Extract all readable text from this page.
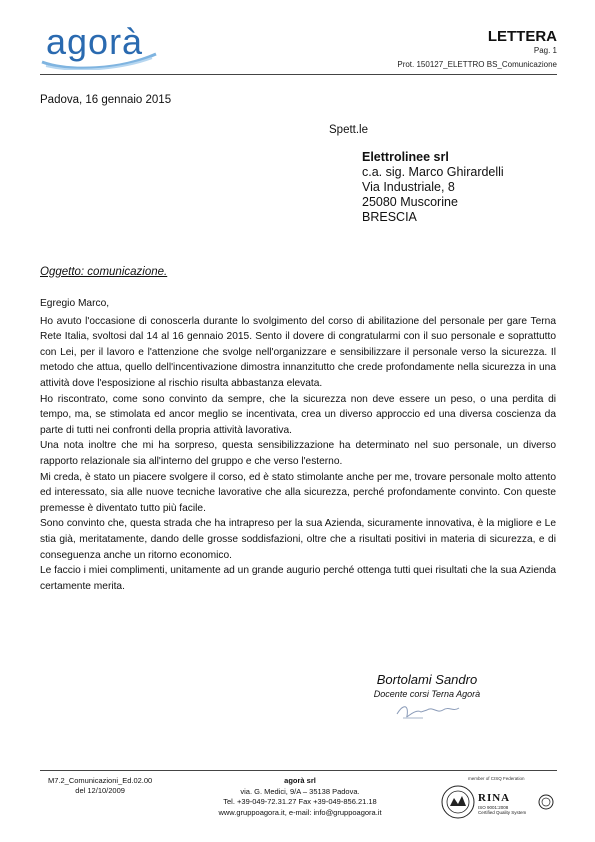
agorà	LETTERA
Pag. 1
Prot. 150127_ELETTRO BS_Comunicazione
Padova, 16 gennaio 2015
Spett.le
Elettrolinee srl
c.a. sig. Marco Ghirardelli
Via Industriale, 8
25080 Muscorine
BRESCIA
Oggetto: comunicazione.

Egregio Marco,

Ho avuto l'occasione di conoscerla durante lo svolgimento del corso di abilitazione del personale per gare Terna Rete Italia, svoltosi dal 14 al 16 gennaio 2015. Sento il dovere di congratularmi con il suo personale e soprattutto con Lei, per il lavoro e l'attenzione che svolge nell'organizzare e sensibilizzare il personale verso la sicurezza. Il metodo che attua, quello dell'incentivazione dimostra innanzitutto che crede profondamente nella sicurezza in una attività dove l'esposizione al rischio risulta abbastanza elevata.

Ho riscontrato, come sono convinto da sempre, che la sicurezza non deve essere un peso, o una perdita di tempo, ma, se stimolata ed ancor meglio se incentivata, crea un diverso approccio ed una diversa coscienza da parte di tutti nei confronti della propria attività lavorativa.

Una nota inoltre che mi ha sorpreso, questa sensibilizzazione ha determinato nel suo personale, un diverso rapporto relazionale sia all'interno del gruppo e che verso l'esterno.

Mi creda, è stato un piacere svolgere il corso, ed è stato stimolante anche per me, trovare personale molto attento ed interessato, sia alle nuove tecniche lavorative che alla sicurezza, perché profondamente convinto. Con queste premesse è diventato tutto più facile.

Sono convinto che, questa strada che ha intrapreso per la sua Azienda, sicuramente innovativa, è la migliore e Le stia già, meritatamente, dando delle grosse soddisfazioni, oltre che a risultati positivi in materia di sicurezza, e di conseguenza anche un ritorno economico.

Le faccio i miei complimenti, unitamente ad un grande augurio perché ottenga tutti quei risultati che la sua Azienda certamente merita.

Bortolami Sandro
Docente corsi Terna Agorà
M7.2_Comunicazioni_Ed.02.00
del 12/10/2009
agorà srl
via. G. Medici, 9/A – 35138 Padova.
Tel. +39-049-72.31.27 Fax +39-049-856.21.18
www.gruppoagora.it, e-mail: info@gruppoagora.it
member of CISQ Federation
RINA
ISO 9001:2008
Certified Quality System
